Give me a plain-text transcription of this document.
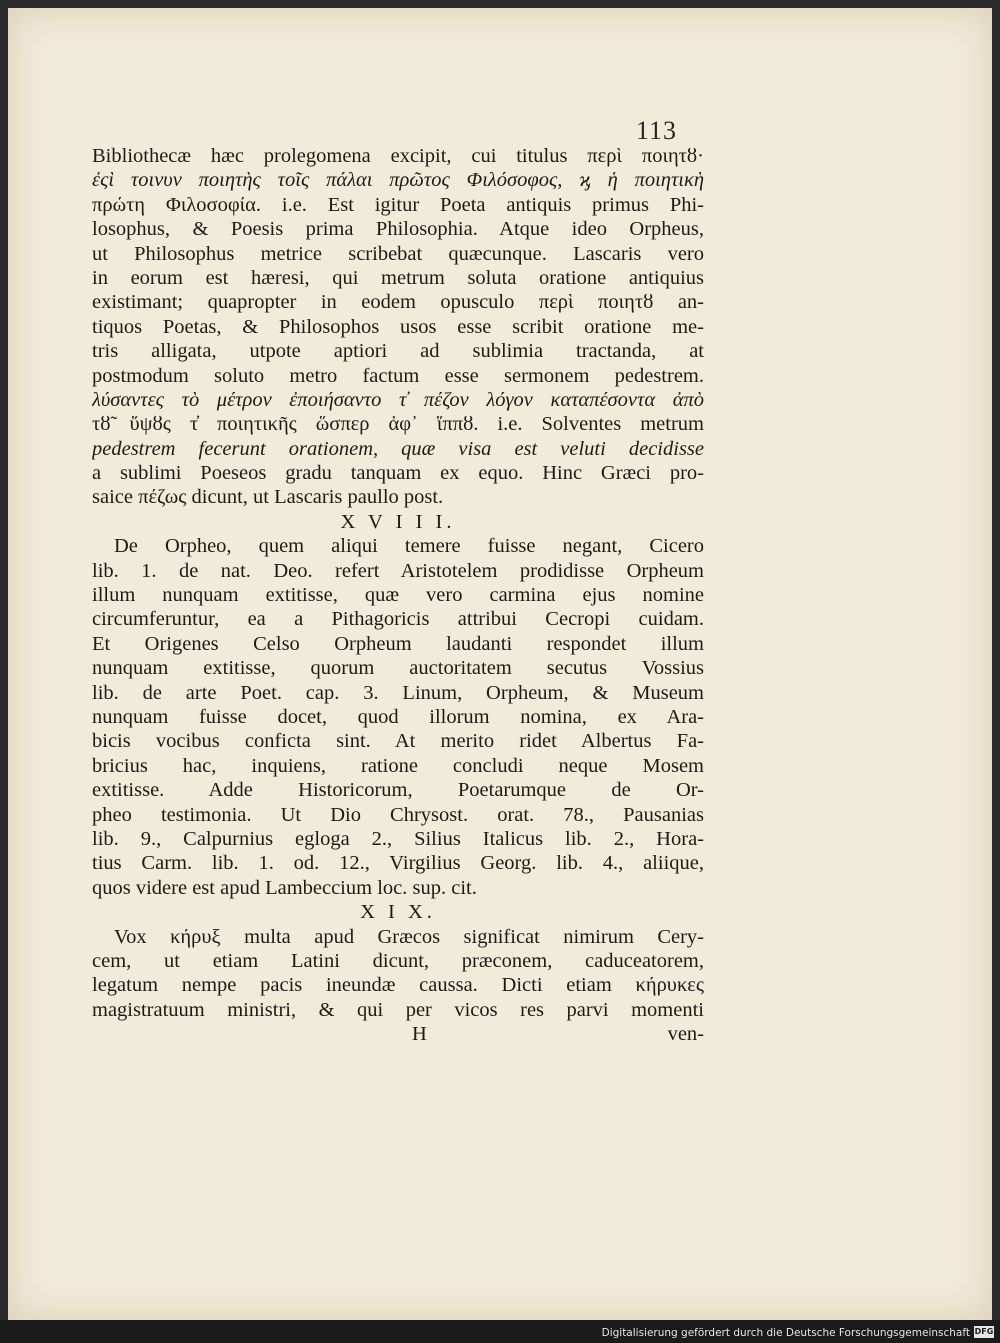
113
Bibliothecæ hæc prolegomena excipit, cui titulus περὶ ποιητȣ·
ἐςὶ τοινυν ποιητὴς τοῖς πάλαι πρῶτος Φιλόσοφος, ϗ ἡ ποιητικὴ
πρώτη Φιλοσοφία. i.e. Est igitur Poeta antiquis primus Phi-
losophus, & Poesis prima Philosophia. Atque ideo Orpheus,
ut Philosophus metrice scribebat quæcunque. Lascaris vero
in eorum est hæresi, qui metrum soluta oratione antiquius
existimant; quapropter in eodem opusculo περὶ ποιητȣ an-
tiquos Poetas, & Philosophos usos esse scribit oratione me-
tris alligata, utpote aptiori ad sublimia tractanda, at
postmodum soluto metro factum esse sermonem pedestrem.
λύσαντες τὸ μέτρον ἐποιήσαντο τ̓ πέζον λόγον καταπέσοντα ἀπὸ
τȣ̃ ὕψȣς τ̓ ποιητικῆς ὥσπερ ἀφ᾽ ἵππȣ. i.e. Solventes metrum
pedestrem fecerunt orationem, quæ visa est veluti decidisse
a sublimi Poeseos gradu tanquam ex equo. Hinc Græci pro-
saice πέζως dicunt, ut Lascaris paullo post.
X V I I I.
De Orpheo, quem aliqui temere fuisse negant, Cicero
lib. 1. de nat. Deo. refert Aristotelem prodidisse Orpheum
illum nunquam extitisse, quæ vero carmina ejus nomine
circumferuntur, ea a Pithagoricis attribui Cecropi cuidam.
Et Origenes Celso Orpheum laudanti respondet illum
nunquam extitisse, quorum auctoritatem secutus Vossius
lib. de arte Poet. cap. 3. Linum, Orpheum, & Museum
nunquam fuisse docet, quod illorum nomina, ex Ara-
bicis vocibus conficta sint. At merito ridet Albertus Fa-
bricius hac, inquiens, ratione concludi neque Mosem
extitisse. Adde Historicorum, Poetarumque de Or-
pheo testimonia. Ut Dio Chrysost. orat. 78., Pausanias
lib. 9., Calpurnius egloga 2., Silius Italicus lib. 2., Hora-
tius Carm. lib. 1. od. 12., Virgilius Georg. lib. 4., aliique,
quos videre est apud Lambeccium loc. sup. cit.
X I X.
Vox κήρυξ multa apud Græcos significat nimirum Cery-
cem, ut etiam Latini dicunt, præconem, caduceatorem,
legatum nempe pacis ineundæ caussa. Dicti etiam κήρυκες
magistratuum ministri, & qui per vicos res parvi momenti
H	ven-
Digitalisierung gefördert durch die Deutsche Forschungsgemeinschaft DFG
